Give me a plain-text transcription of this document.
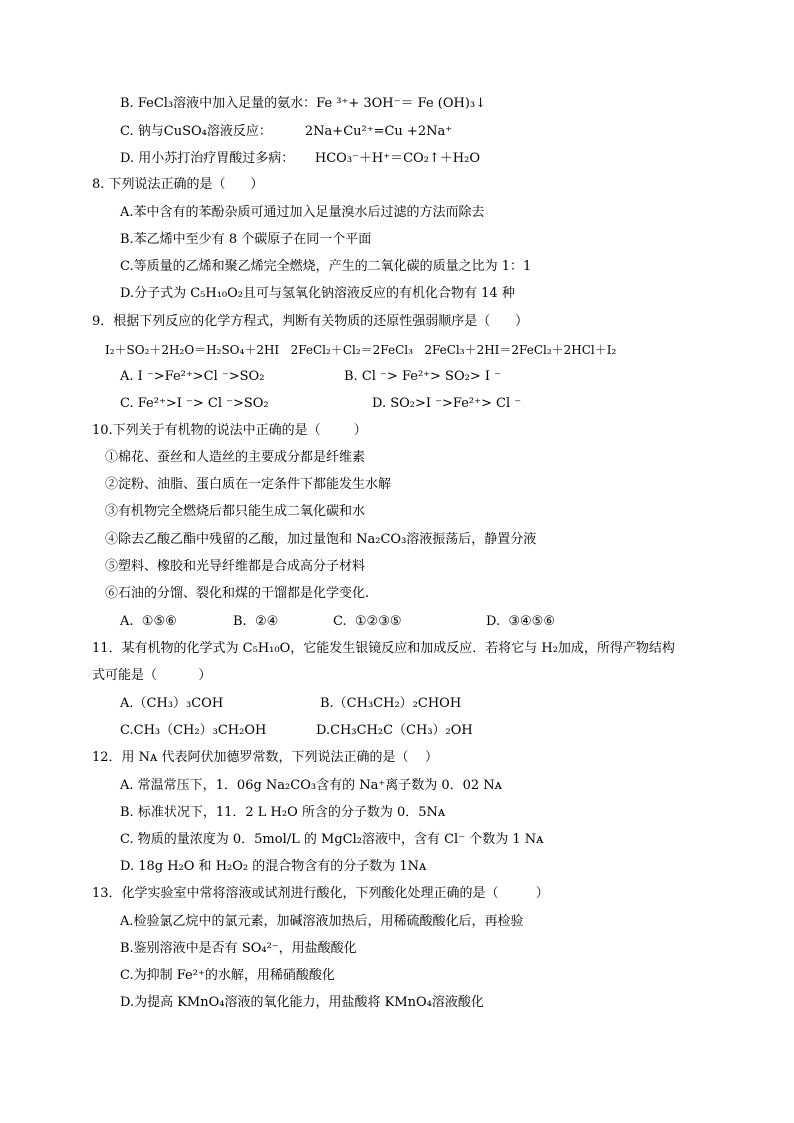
B. FeCl₃溶液中加入足量的氨水：Fe ³⁺+ 3OH⁻＝ Fe (OH)₃↓
C. 钠与CuSO₄溶液反应：        2Na+Cu²⁺=Cu +2Na⁺
D. 用小苏打治疗胃酸过多病：     HCO₃⁻＋H⁺＝CO₂↑＋H₂O
8. 下列说法正确的是（      ）
A.苯中含有的苯酚杂质可通过加入足量溴水后过滤的方法而除去
B.苯乙烯中至少有 8 个碳原子在同一个平面
C.等质量的乙烯和聚乙烯完全燃烧，产生的二氧化碳的质量之比为 1：1
D.分子式为 C₅H₁₀O₂且可与氢氧化钠溶液反应的有机化合物有 14 种
9．根据下列反应的化学方程式，判断有关物质的还原性强弱顺序是（      ）
I₂＋SO₂＋2H₂O＝H₂SO₄＋2HI   2FeCl₂＋Cl₂＝2FeCl₃   2FeCl₃＋2HI＝2FeCl₂＋2HCl＋I₂
A. I ⁻>Fe²⁺>Cl ⁻>SO₂	B. Cl ⁻> Fe²⁺> SO₂> I ⁻
C. Fe²⁺>I ⁻> Cl ⁻>SO₂	D. SO₂>I ⁻>Fe²⁺> Cl ⁻
10.下列关于有机物的说法中正确的是（        ）
①棉花、蚕丝和人造丝的主要成分都是纤维素
②淀粉、油脂、蛋白质在一定条件下都能发生水解
③有机物完全燃烧后都只能生成二氧化碳和水
④除去乙酸乙酯中残留的乙酸，加过量饱和 Na₂CO₃溶液振荡后，静置分液
⑤塑料、橡胶和光导纤维都是合成高分子材料
⑥石油的分馏、裂化和煤的干馏都是化学变化.
A.  ①⑤⑥	B.  ②④	C.  ①②③⑤	D.  ③④⑤⑥
11．某有机物的化学式为 C₅H₁₀O，它能发生银镜反应和加成反应．若将它与 H₂加成，所得产物结构
式可能是（          ）
A.（CH₃）₃COH	B.（CH₃CH₂）₂CHOH
C.CH₃（CH₂）₃CH₂OH	D.CH₃CH₂C（CH₃）₂OH
12．用 Nᴀ 代表阿伏加德罗常数，下列说法正确的是（    ）
A. 常温常压下，1．06g Na₂CO₃含有的 Na⁺离子数为 0．02 Nᴀ
B. 标准状况下，11．2 L H₂O 所含的分子数为 0．5Nᴀ
C. 物质的量浓度为 0．5mol/L 的 MgCl₂溶液中，含有 Cl⁻ 个数为 1 Nᴀ
D. 18g H₂O 和 H₂O₂ 的混合物含有的分子数为 1Nᴀ
13．化学实验室中常将溶液或试剂进行酸化，下列酸化处理正确的是（         ）
A.检验氯乙烷中的氯元素，加碱溶液加热后，用稀硫酸酸化后，再检验
B.鉴别溶液中是否有 SO₄²⁻，用盐酸酸化
C.为抑制 Fe²⁺的水解，用稀硝酸酸化
D.为提高 KMnO₄溶液的氧化能力，用盐酸将 KMnO₄溶液酸化
